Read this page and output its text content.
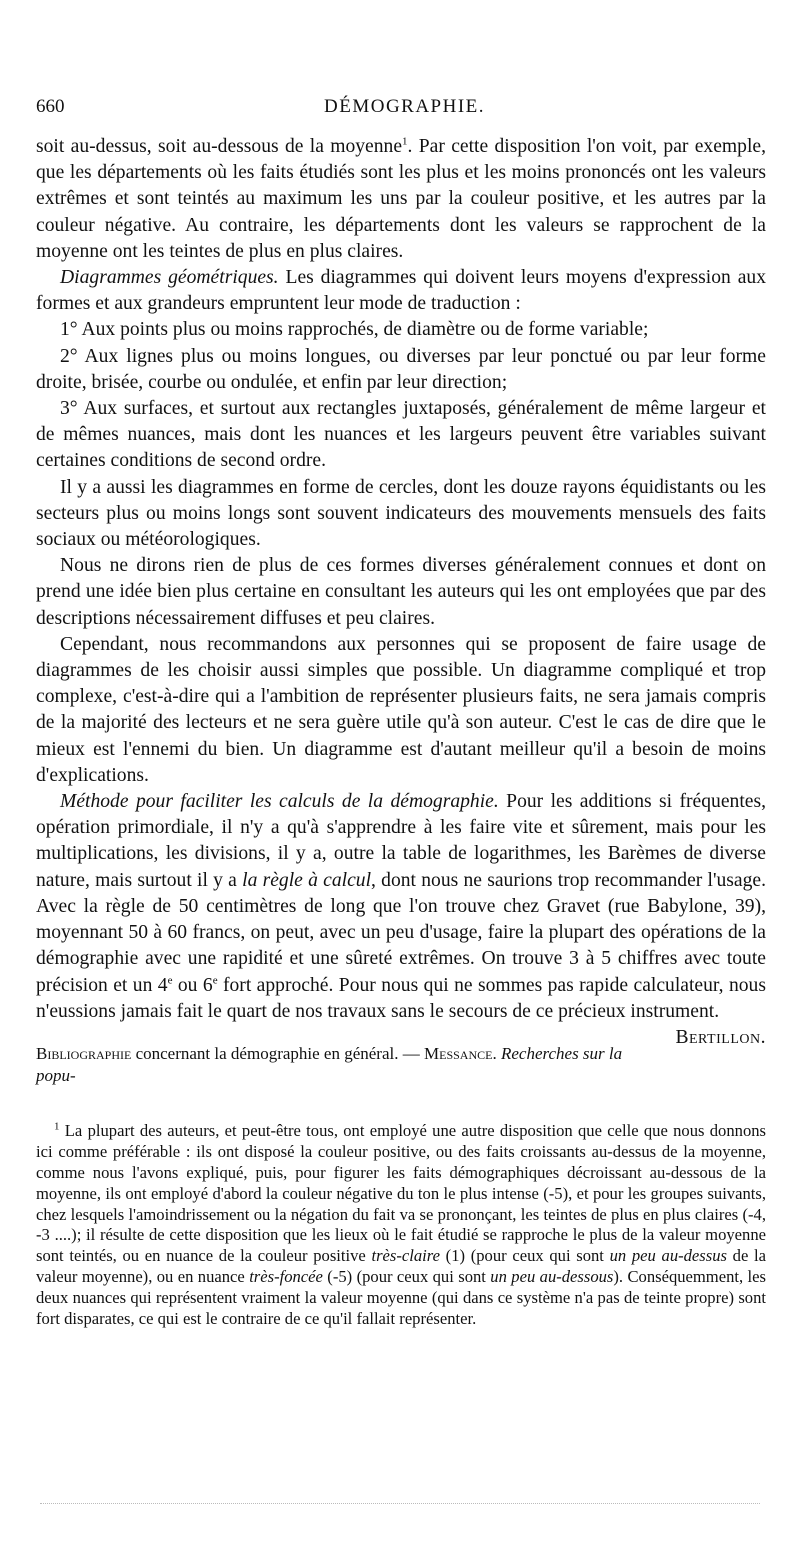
660	DÉMOGRAPHIE.

soit au-dessus, soit au-dessous de la moyenne$^1$. Par cette disposition l'on voit, par exemple, que les départements où les faits étudiés sont les plus et les moins prononcés ont les valeurs extrêmes et sont teintés au maximum les uns par la couleur positive, et les autres par la couleur négative. Au contraire, les départements dont les valeurs se rapprochent de la moyenne ont les teintes de plus en plus claires.

Diagrammes géométriques. Les diagrammes qui doivent leurs moyens d'expression aux formes et aux grandeurs empruntent leur mode de traduction :

1° Aux points plus ou moins rapprochés, de diamètre ou de forme variable;

2° Aux lignes plus ou moins longues, ou diverses par leur ponctué ou par leur forme droite, brisée, courbe ou ondulée, et enfin par leur direction;

3° Aux surfaces, et surtout aux rectangles juxtaposés, généralement de même largeur et de mêmes nuances, mais dont les nuances et les largeurs peuvent être variables suivant certaines conditions de second ordre.

Il y a aussi les diagrammes en forme de cercles, dont les douze rayons équidistants ou les secteurs plus ou moins longs sont souvent indicateurs des mouvements mensuels des faits sociaux ou météorologiques.

Nous ne dirons rien de plus de ces formes diverses généralement connues et dont on prend une idée bien plus certaine en consultant les auteurs qui les ont employées que par des descriptions nécessairement diffuses et peu claires.

Cependant, nous recommandons aux personnes qui se proposent de faire usage de diagrammes de les choisir aussi simples que possible. Un diagramme compliqué et trop complexe, c'est-à-dire qui a l'ambition de représenter plusieurs faits, ne sera jamais compris de la majorité des lecteurs et ne sera guère utile qu'à son auteur. C'est le cas de dire que le mieux est l'ennemi du bien. Un diagramme est d'autant meilleur qu'il a besoin de moins d'explications.

Méthode pour faciliter les calculs de la démographie. Pour les additions si fréquentes, opération primordiale, il n'y a qu'à s'apprendre à les faire vite et sûrement, mais pour les multiplications, les divisions, il y a, outre la table de logarithmes, les Barèmes de diverse nature, mais surtout il y a la règle à calcul, dont nous ne saurions trop recommander l'usage. Avec la règle de 50 centimètres de long que l'on trouve chez Gravet (rue Babylone, 39), moyennant 50 à 60 francs, on peut, avec un peu d'usage, faire la plupart des opérations de la démographie avec une rapidité et une sûreté extrêmes. On trouve 3 à 5 chiffres avec toute précision et un 4e ou 6e fort approché. Pour nous qui ne sommes pas rapide calculateur, nous n'eussions jamais fait le quart de nos travaux sans le secours de ce précieux instrument.
Bertillon.

Bibliographie concernant la démographie en général. — Messance. Recherches sur la popu-
$^1$ La plupart des auteurs, et peut-être tous, ont employé une autre disposition que celle que nous donnons ici comme préférable : ils ont disposé la couleur positive, ou des faits croissants au-dessus de la moyenne, comme nous l'avons expliqué, puis, pour figurer les faits démographiques décroissant au-dessous de la moyenne, ils ont employé d'abord la couleur négative du ton le plus intense (-5), et pour les groupes suivants, chez lesquels l'amoindrissement ou la négation du fait va se prononçant, les teintes de plus en plus claires (-4, -3 ....); il résulte de cette disposition que les lieux où le fait étudié se rapproche le plus de la valeur moyenne sont teintés, ou en nuance de la couleur positive très-claire (1) (pour ceux qui sont un peu au-dessus de la valeur moyenne), ou en nuance très-foncée (-5) (pour ceux qui sont un peu au-dessous). Conséquemment, les deux nuances qui représentent vraiment la valeur moyenne (qui dans ce système n'a pas de teinte propre) sont fort disparates, ce qui est le contraire de ce qu'il fallait représenter.
